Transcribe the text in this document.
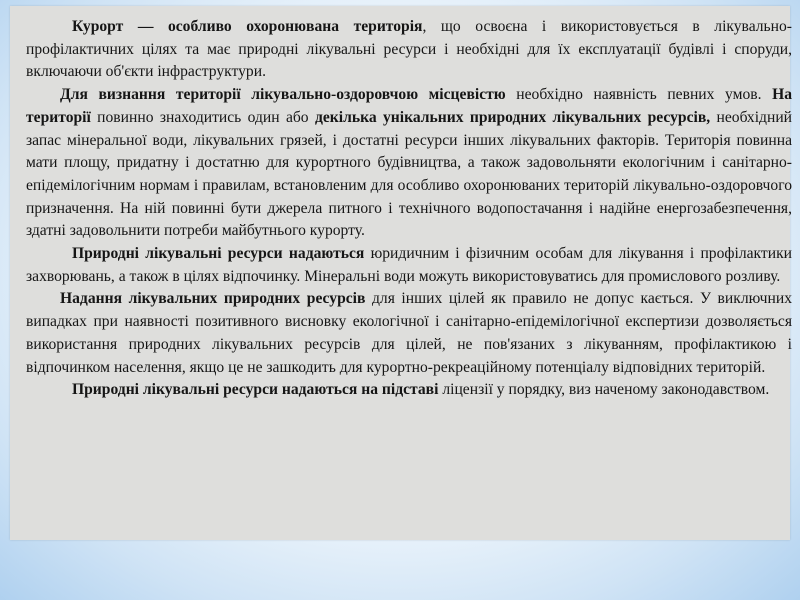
Курорт — особливо охоронювана територія, що освоєна і використовується в лікувально-профілактичних цілях та має природні лікувальні ресурси і необхідні для їх експлуатації будівлі і споруди, включаючи об'єкти інфраструктури.

Для визнання території лікувально-оздоровчою місцевістю необхідно наявність певних умов. На території повинно знаходитись один або декілька унікальних природних лікувальних ресурсів, необхідний запас мінеральної води, лікувальних грязей, і достатні ресурси інших лікувальних факторів. Територія повинна мати площу, придатну і достатню для курортного будівництва, а також задовольняти екологічним і санітарно-епідемілогічним нормам і правилам, встановленим для особливо охоронюваних територій лікувально-оздоровчого призначення. На ній повинні бути джерела питного і технічного водопостачання і надійне енергозабезпечення, здатні задовольнити потреби майбутнього курорту.

Природні лікувальні ресурси надаються юридичним і фізичним особам для лікування і профілактики захворювань, а також в цілях відпочинку. Мінеральні води можуть використовуватись для промислового розливу.

Надання лікувальних природних ресурсів для інших цілей як правило не допус кається. У виключних випадках при наявності позитивного висновку екологічної і санітарно-епідемілогічної експертизи дозволяється використання природних лікувальних ресурсів для цілей, не пов'язаних з лікуванням, профілактикою і відпочинком населення, якщо це не зашкодить для курортно-рекреаційному потенціалу відповідних територій.

Природні лікувальні ресурси надаються на підставі ліцензії у порядку, виз наченому законодавством.
